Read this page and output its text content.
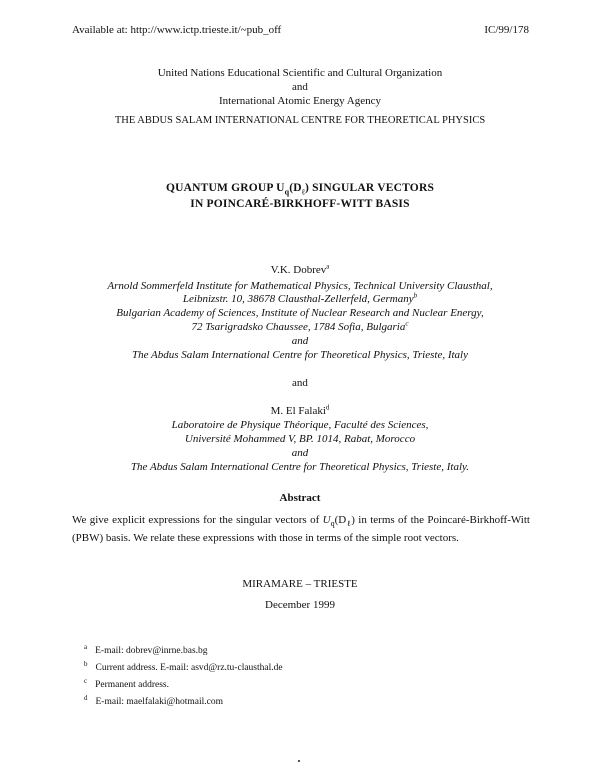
Available at: http://www.ictp.trieste.it/~pub_off	IC/99/178
United Nations Educational Scientific and Cultural Organization
and
International Atomic Energy Agency
THE ABDUS SALAM INTERNATIONAL CENTRE FOR THEORETICAL PHYSICS
QUANTUM GROUP $U_q(D_\ell)$ SINGULAR VECTORS
IN POINCARÉ-BIRKHOFF-WITT BASIS
V.K. Dobrev$^a$
Arnold Sommerfeld Institute for Mathematical Physics, Technical University Clausthal,
Leibnizstr. 10, 38678 Clausthal-Zellerfeld, Germany$^b$
Bulgarian Academy of Sciences, Institute of Nuclear Research and Nuclear Energy,
72 Tsarigradsko Chaussee, 1784 Sofia, Bulgaria$^c$
and
The Abdus Salam International Centre for Theoretical Physics, Trieste, Italy
and
M. El Falaki$^d$
Laboratoire de Physique Théorique, Faculté des Sciences,
Université Mohammed V, BP. 1014, Rabat, Morocco
and
The Abdus Salam International Centre for Theoretical Physics, Trieste, Italy.
Abstract
We give explicit expressions for the singular vectors of $U_q(D_\ell)$ in terms of the Poincaré-Birkhoff-Witt (PBW) basis. We relate these expressions with those in terms of the simple root vectors.
MIRAMARE – TRIESTE
December 1999
$^a$ E-mail: dobrev@inrne.bas.bg
$^b$ Current address. E-mail: asvd@rz.tu-clausthal.de
$^c$ Permanent address.
$^d$ E-mail: maelfalaki@hotmail.com
